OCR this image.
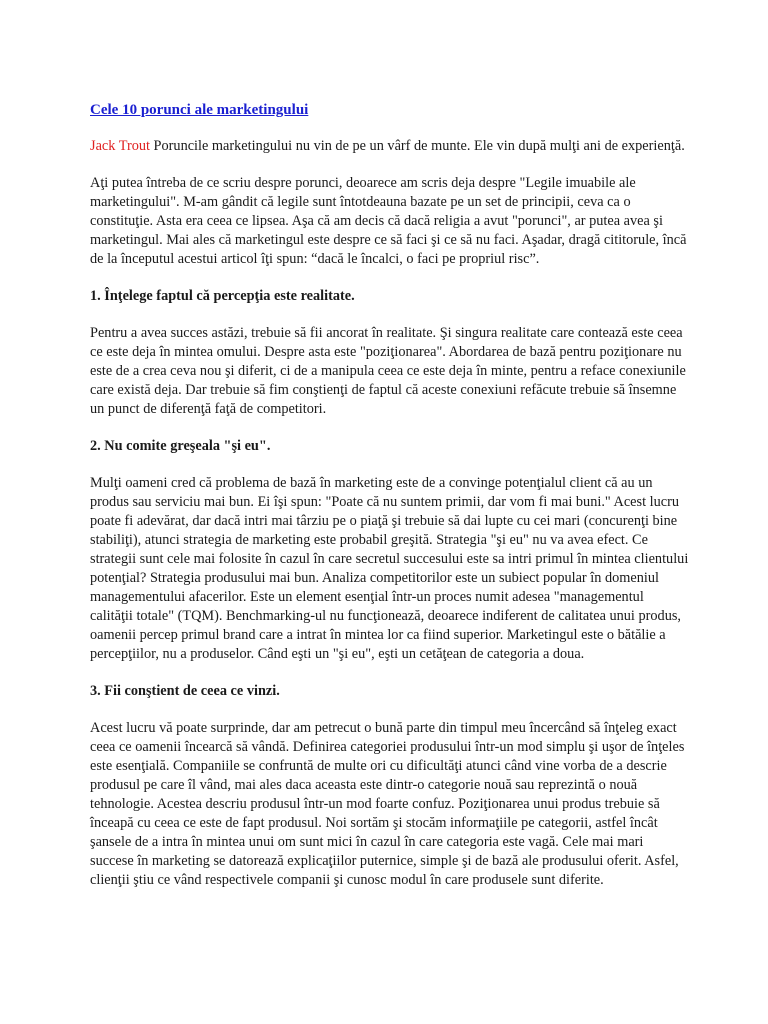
Cele 10 porunci ale marketingului

Jack Trout Poruncile marketingului nu vin de pe un vârf de munte. Ele vin după mulţi ani de experienţă.

Aţi putea întreba de ce scriu despre porunci, deoarece am scris deja despre "Legile imuabile ale marketingului". M-am gândit că legile sunt întotdeauna bazate pe un set de principii, ceva ca o constituţie. Asta era ceea ce lipsea. Aşa că am decis că dacă religia a avut "porunci", ar putea avea şi marketingul. Mai ales că marketingul este despre ce să faci şi ce să nu faci. Aşadar, dragă cititorule, încă de la începutul acestui articol îţi spun: “dacă le încalci, o faci pe propriul risc”.

1. Înţelege faptul că percepţia este realitate.

Pentru a avea succes astăzi, trebuie să fii ancorat în realitate. Şi singura realitate care contează este ceea ce este deja în mintea omului. Despre asta este "poziţionarea". Abordarea de bază pentru poziţionare nu este de a crea ceva nou şi diferit, ci de a manipula ceea ce este deja în minte, pentru a reface conexiunile care există deja. Dar trebuie să fim conştienţi de faptul că aceste conexiuni refăcute trebuie să însemne un punct de diferenţă faţă de competitori.

2. Nu comite greşeala "şi eu".

Mulţi oameni cred că problema de bază în marketing este de a convinge potenţialul client că au un produs sau serviciu mai bun. Ei îşi spun: "Poate că nu suntem primii, dar vom fi mai buni." Acest lucru poate fi adevărat, dar dacă intri mai târziu pe o piaţă şi trebuie să dai lupte cu cei mari (concurenţi bine stabiliţi), atunci strategia de marketing este probabil greşită. Strategia "şi eu" nu va avea efect. Ce strategii sunt cele mai folosite în cazul în care secretul succesului este sa intri primul în mintea clientului potenţial? Strategia produsului mai bun. Analiza competitorilor este un subiect popular în domeniul managementului afacerilor. Este un element esenţial într-un proces numit adesea "managementul calităţii totale" (TQM). Benchmarking-ul nu funcţionează, deoarece indiferent de calitatea unui produs, oamenii percep primul brand care a intrat în mintea lor ca fiind superior. Marketingul este o bătălie a percepţiilor, nu a produselor. Când eşti un "şi eu", eşti un cetăţean de categoria a doua.

3. Fii conştient de ceea ce vinzi.

Acest lucru vă poate surprinde, dar am petrecut o bună parte din timpul meu încercând să înţeleg exact ceea ce oamenii încearcă să vândă. Definirea categoriei produsului într-un mod simplu şi uşor de înţeles este esenţială. Companiile se confruntă de multe ori cu dificultăţi atunci când vine vorba de a descrie produsul pe care îl vând, mai ales daca aceasta este dintr-o categorie nouă sau reprezintă o nouă tehnologie. Acestea descriu produsul într-un mod foarte confuz. Poziţionarea unui produs trebuie să înceapă cu ceea ce este de fapt produsul. Noi sortăm şi stocăm informaţiile pe categorii, astfel încât şansele de a intra în mintea unui om sunt mici în cazul în care categoria este vagă. Cele mai mari succese în marketing se datorează explicaţiilor puternice, simple şi de bază ale produsului oferit. Asfel, clienţii ştiu ce vând respectivele companii şi cunosc modul în care produsele sunt diferite.
